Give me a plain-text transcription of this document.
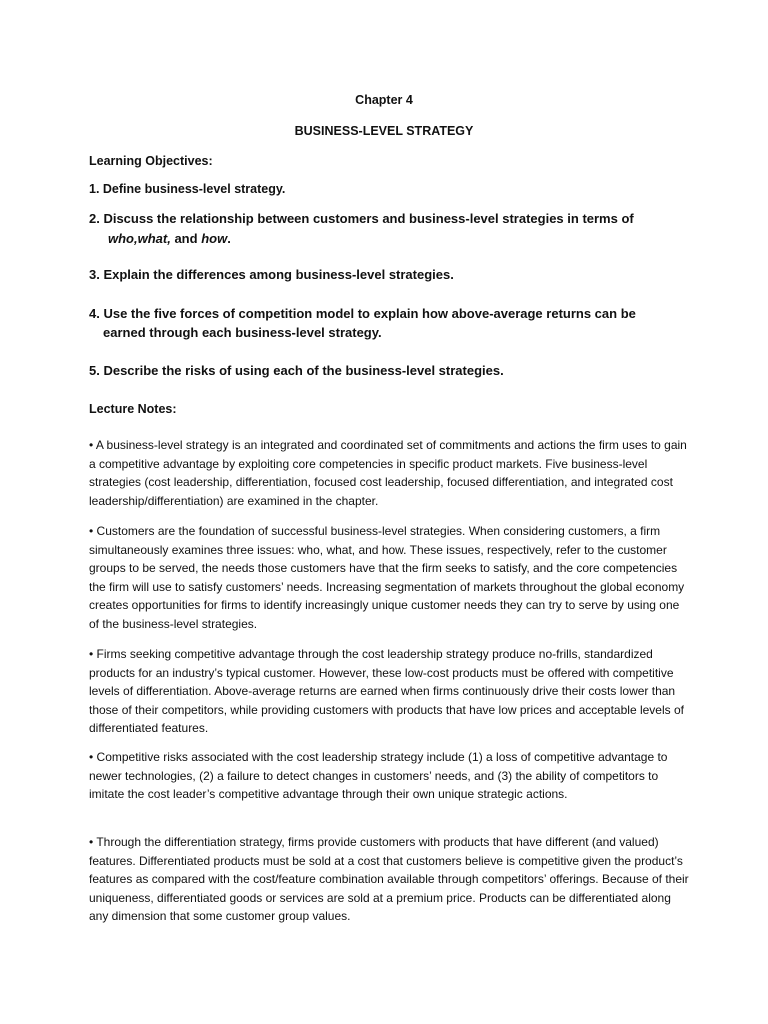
Chapter 4
BUSINESS-LEVEL STRATEGY
Learning Objectives:
1. Define business-level strategy.
2. Discuss the relationship between customers and business-level strategies in terms of
who,what, and how.
3. Explain the differences among business-level strategies.
4. Use the five forces of competition model to explain how above-average returns can be
earned through each business-level strategy.
5. Describe the risks of using each of the business-level strategies.
Lecture Notes:

• A business-level strategy is an integrated and coordinated set of commitments and actions the firm uses to gain a competitive advantage by exploiting core competencies in specific product markets. Five business-level strategies (cost leadership, differentiation, focused cost leadership, focused differentiation, and integrated cost leadership/differentiation) are examined in the chapter.

• Customers are the foundation of successful business-level strategies. When considering customers, a firm simultaneously examines three issues: who, what, and how. These issues, respectively, refer to the customer groups to be served, the needs those customers have that the firm seeks to satisfy, and the core competencies the firm will use to satisfy customers’ needs. Increasing segmentation of markets throughout the global economy creates opportunities for firms to identify increasingly unique customer needs they can try to serve by using one of the business-level strategies.

• Firms seeking competitive advantage through the cost leadership strategy produce no-frills, standardized products for an industry’s typical customer. However, these low-cost products must be offered with competitive levels of differentiation. Above-average returns are earned when firms continuously drive their costs lower than those of their competitors, while providing customers with products that have low prices and acceptable levels of differentiated features.

• Competitive risks associated with the cost leadership strategy include (1) a loss of competitive advantage to newer technologies, (2) a failure to detect changes in customers’ needs, and (3) the ability of competitors to imitate the cost leader’s competitive advantage through their own unique strategic actions.

• Through the differentiation strategy, firms provide customers with products that have different (and valued) features. Differentiated products must be sold at a cost that customers believe is competitive given the product’s features as compared with the cost/feature combination available through competitors’ offerings. Because of their uniqueness, differentiated goods or services are sold at a premium price. Products can be differentiated along any dimension that some customer group values.
